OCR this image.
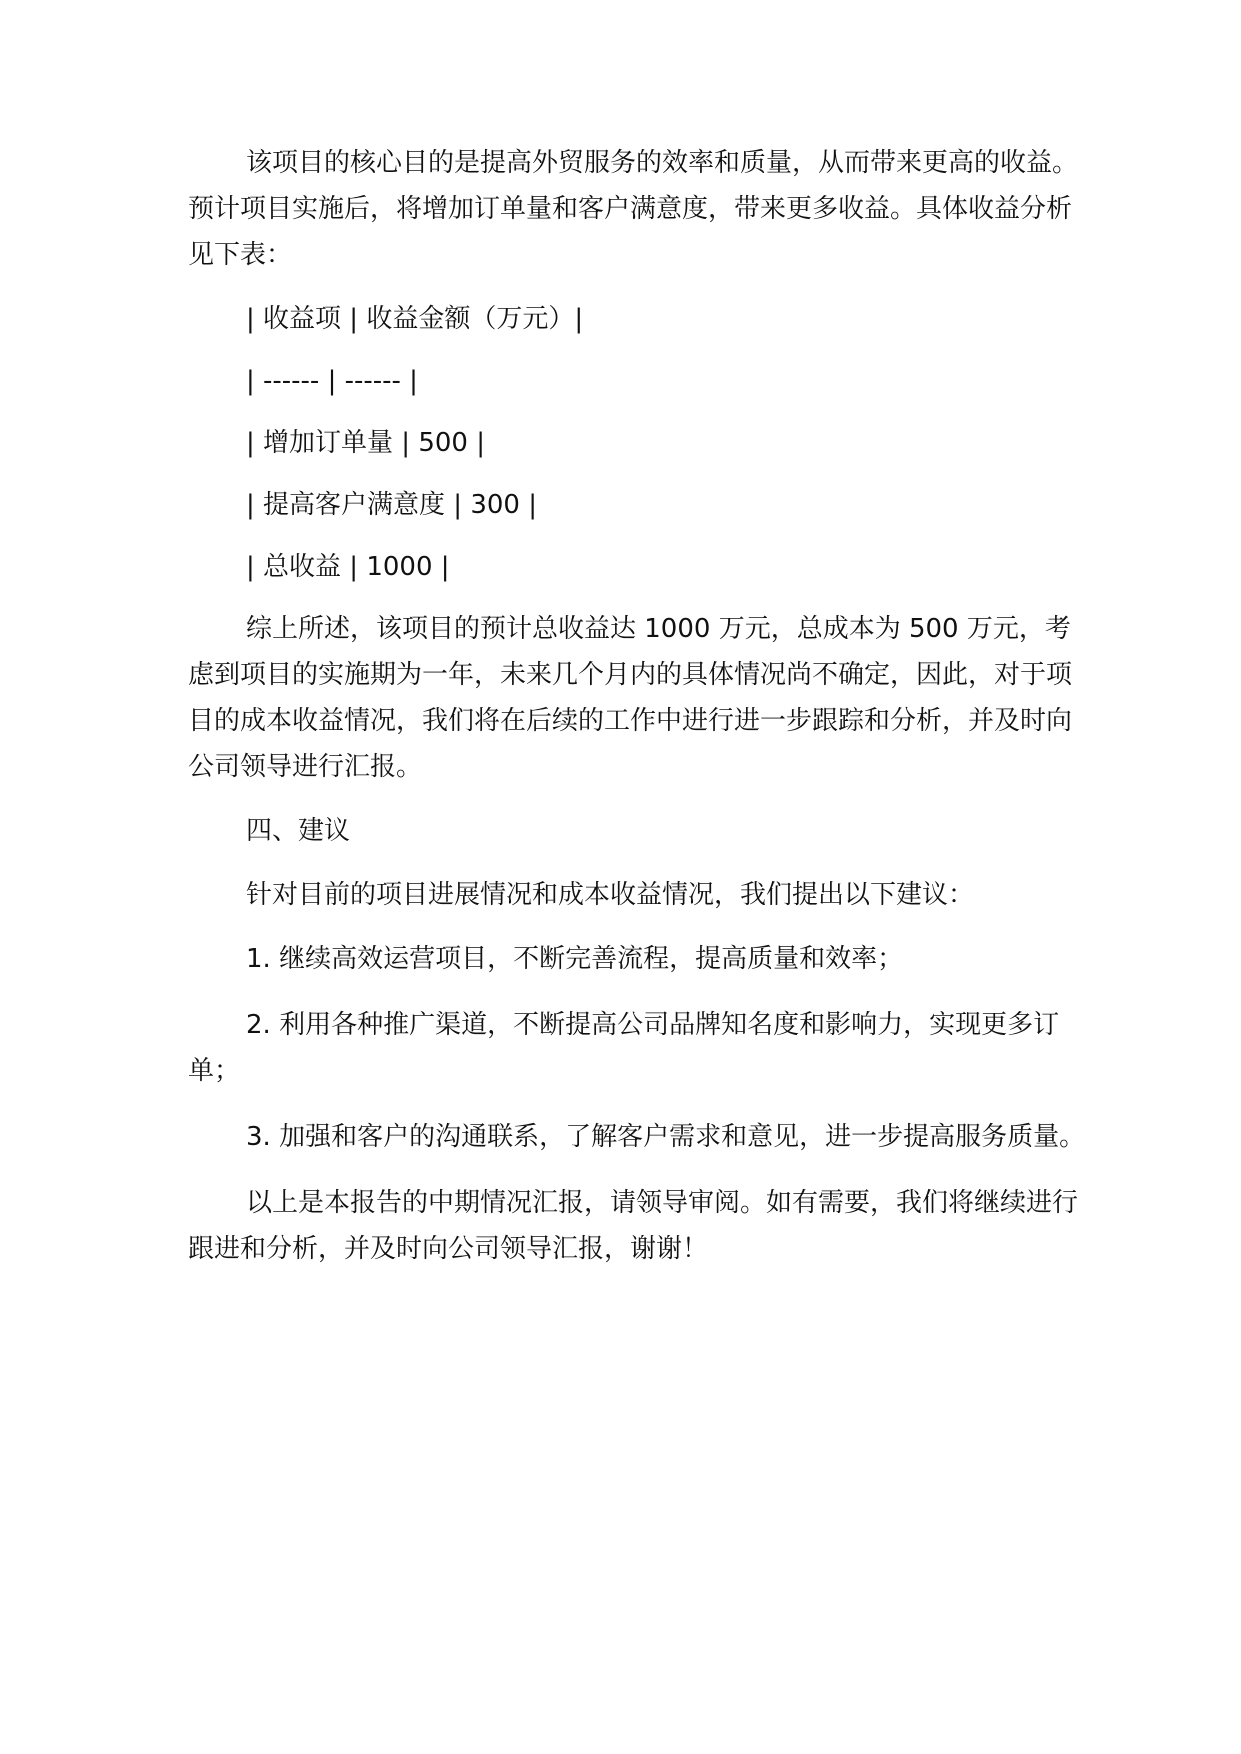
该项目的核心目的是提高外贸服务的效率和质量，从而带来更高的收益。预计项目实施后，将增加订单量和客户满意度，带来更多收益。具体收益分析见下表：

| 收益项 | 收益金额（万元）|

| ------ | ------ |

| 增加订单量 | 500 |

| 提高客户满意度 | 300 |

| 总收益 | 1000 |

综上所述，该项目的预计总收益达 1000 万元，总成本为 500 万元，考虑到项目的实施期为一年，未来几个月内的具体情况尚不确定，因此，对于项目的成本收益情况，我们将在后续的工作中进行进一步跟踪和分析，并及时向公司领导进行汇报。

四、建议

针对目前的项目进展情况和成本收益情况，我们提出以下建议：

1. 继续高效运营项目，不断完善流程，提高质量和效率；

2. 利用各种推广渠道，不断提高公司品牌知名度和影响力，实现更多订单；

3. 加强和客户的沟通联系，了解客户需求和意见，进一步提高服务质量。

以上是本报告的中期情况汇报，请领导审阅。如有需要，我们将继续进行跟进和分析，并及时向公司领导汇报，谢谢！
